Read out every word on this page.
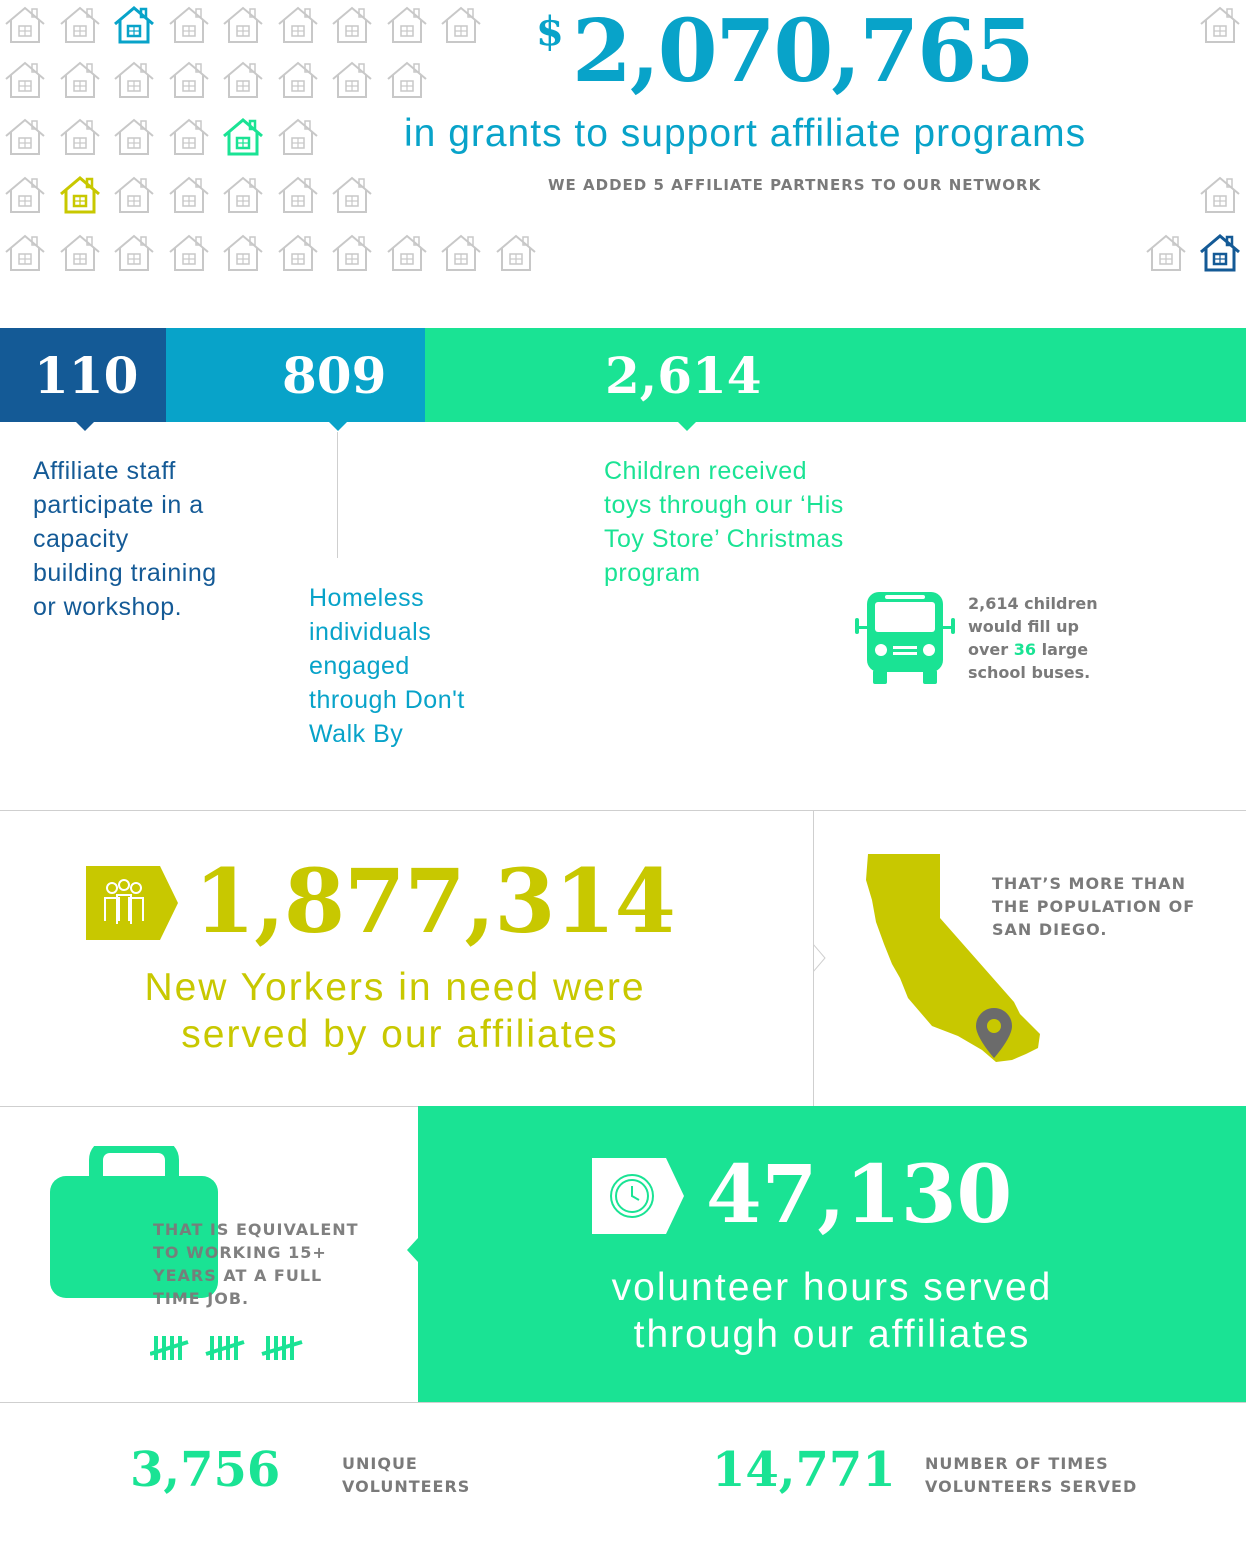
$ 2,070,765
in grants to support affiliate programs
WE ADDED 5 AFFILIATE PARTNERS TO OUR NETWORK
110	809	2,614
Affiliate staff participate in a capacity building training or workshop.	Homeless individuals engaged through Don't Walk By
Children received toys through our ‘His Toy Store’ Christmas program
2,614 children
would fill up
over 36 large
school buses.
1,877,314
New Yorkers in need were
served by our affiliates
THAT’S MORE THAN
THE POPULATION OF
SAN DIEGO.
THAT IS EQUIVALENT
TO WORKING 15+
YEARS AT A FULL
TIME JOB.
47,130
volunteer hours served
through our affiliates
3,756	UNIQUE
VOLUNTEERS	14,771 NUMBER OF TIMES
VOLUNTEERS SERVED
